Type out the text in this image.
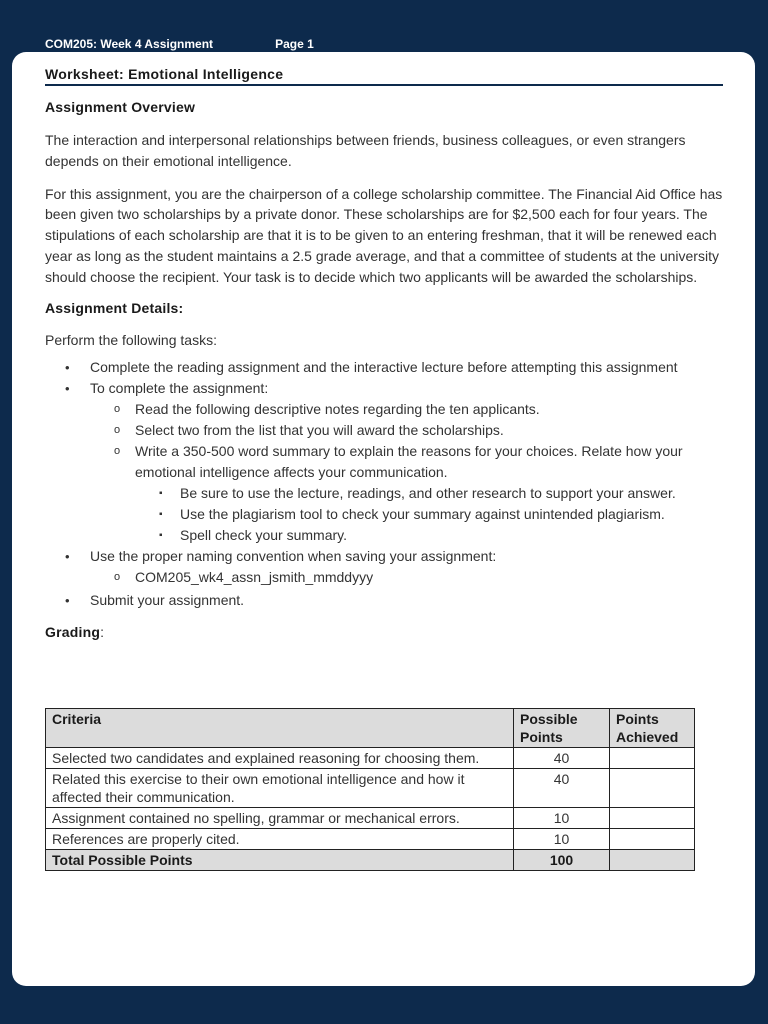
COM205: Week 4 Assignment	Page 1
Worksheet: Emotional Intelligence
Assignment Overview

The interaction and interpersonal relationships between friends, business colleagues, or even strangers depends on their emotional intelligence.

For this assignment, you are the chairperson of a college scholarship committee. The Financial Aid Office has been given two scholarships by a private donor. These scholarships are for $2,500 each for four years. The stipulations of each scholarship are that it is to be given to an entering freshman, that it will be renewed each year as long as the student maintains a 2.5 grade average, and that a committee of students at the university should choose the recipient. Your task is to decide which two applicants will be awarded the scholarships.

Assignment Details:

Perform the following tasks:

• Complete the reading assignment and the interactive lecture before attempting this assignment
• To complete the assignment:
o Read the following descriptive notes regarding the ten applicants.
o Select two from the list that you will award the scholarships.
o Write a 350-500 word summary to explain the reasons for your choices. Relate how your emotional intelligence affects your communication.
▪ Be sure to use the lecture, readings, and other research to support your answer.
▪ Use the plagiarism tool to check your summary against unintended plagiarism.
▪ Spell check your summary.
• Use the proper naming convention when saving your assignment:
o COM205_wk4_assn_jsmith_mmddyyy
• Submit your assignment.
Grading:
Criteria	Possible Points	Points Achieved
Selected two candidates and explained reasoning for choosing them.	40	
Related this exercise to their own emotional intelligence and how it affected their communication.	40	
Assignment contained no spelling, grammar or mechanical errors.	10	
References are properly cited.	10	
Total Possible Points	100	
